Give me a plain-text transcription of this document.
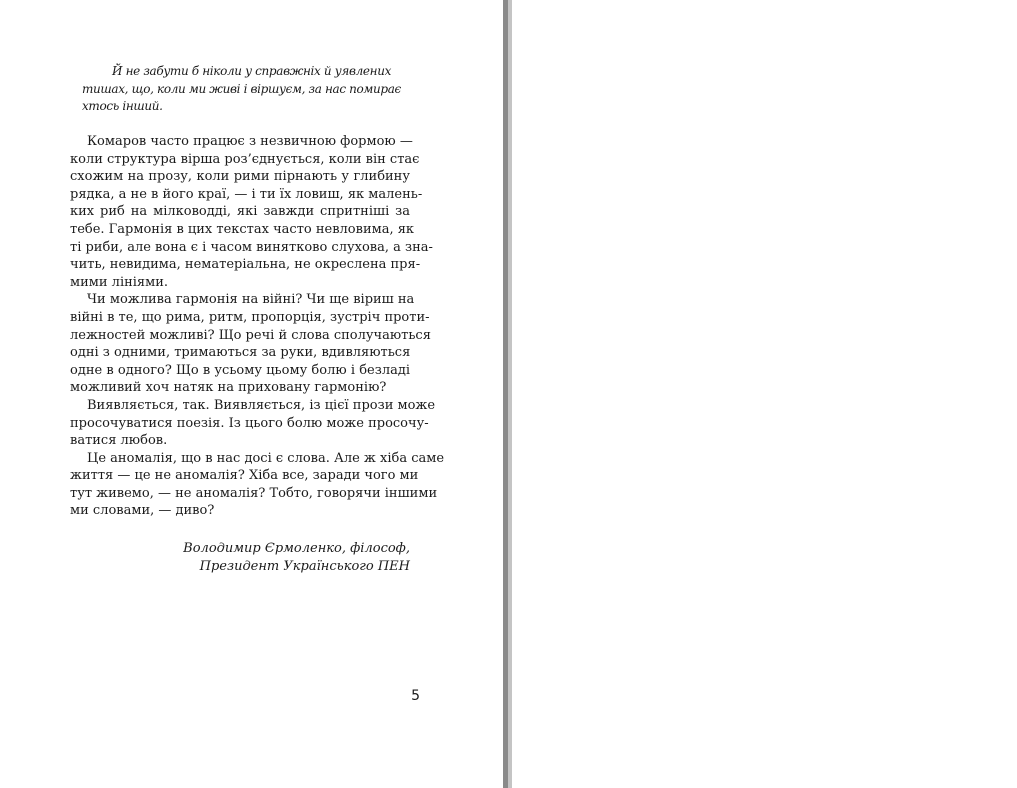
Й не забути б ніколи у справжніх й уявлених
тишах, що, коли ми живі і віршуєм, за нас помирає
хтось інший.
Комаров часто працює з незвичною формою —
коли структура вірша роз’єднується, коли він стає
схожим на прозу, коли рими пірнають у глибину
рядка, а не в його краї, — і ти їх ловиш, як малень-
ких риб на мілководді, які завжди спритніші за
тебе. Гармонія в цих текстах часто невловима, як
ті риби, але вона є і часом винятково слухова, а зна-
чить, невидима, нематеріальна, не окреслена пря-
мими лініями.
Чи можлива гармонія на війні? Чи ще віриш на
війні в те, що рима, ритм, пропорція, зустріч проти-
лежностей можливі? Що речі й слова сполучаються
одні з одними, тримаються за руки, вдивляються
одне в одного? Що в усьому цьому болю і безладі
можливий хоч натяк на приховану гармонію?
Виявляється, так. Виявляється, із цієї прози може
просочуватися поезія. Із цього болю може просочу-
ватися любов.
Це аномалія, що в нас досі є слова. Але ж хіба саме
життя — це не аномалія? Хіба все, заради чого ми
тут живемо, — не аномалія? Тобто, говорячи іншими
ми словами, — диво?
Володимир Єрмоленко, філософ,
Президент Українського ПЕН
5
